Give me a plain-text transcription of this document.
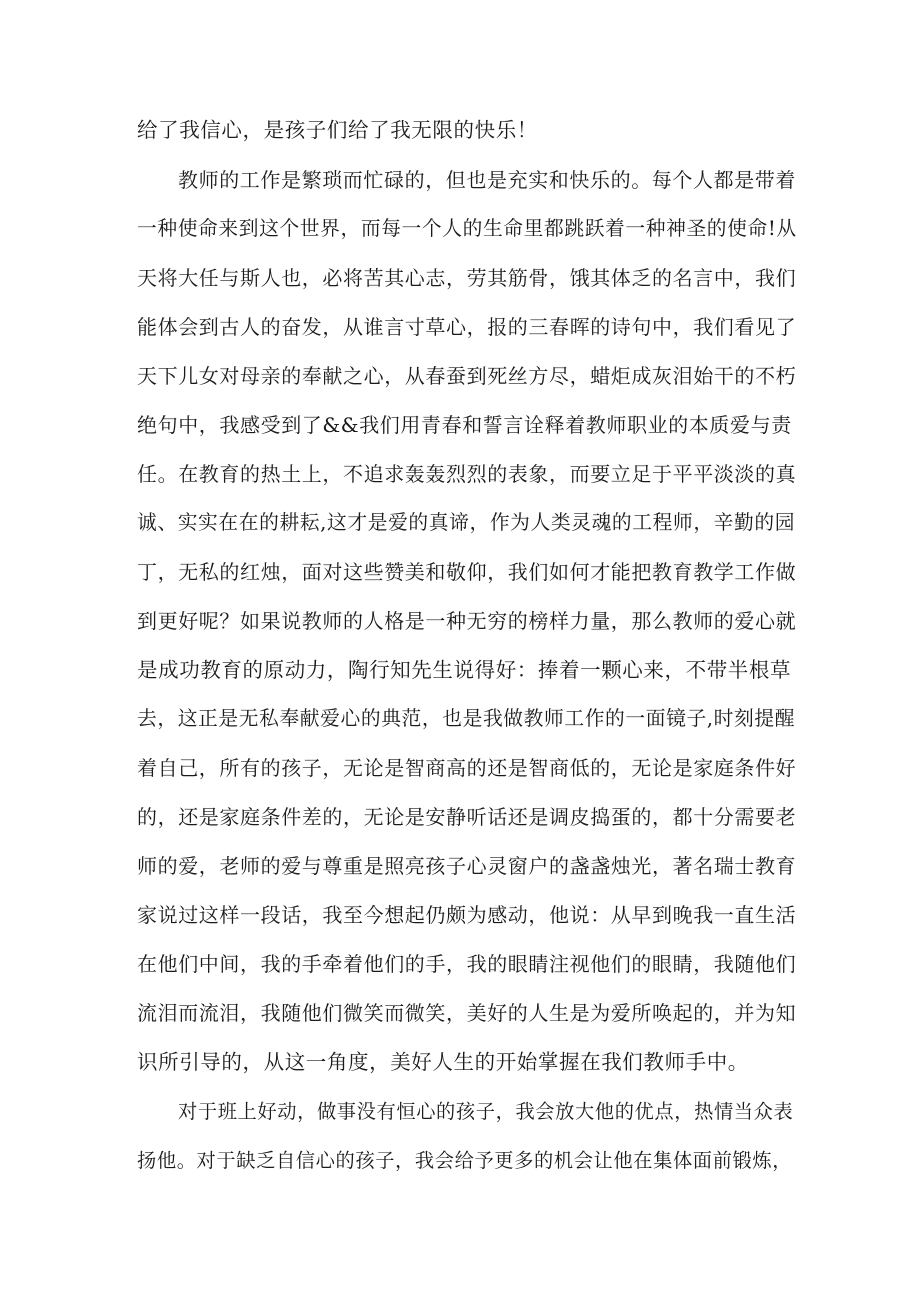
给了我信心，是孩子们给了我无限的快乐！
教师的工作是繁琐而忙碌的，但也是充实和快乐的。每个人都是带着
一种使命来到这个世界，而每一个人的生命里都跳跃着一种神圣的使命!从
天将大任与斯人也，必将苦其心志，劳其筋骨，饿其体乏的名言中，我们
能体会到古人的奋发，从谁言寸草心，报的三春晖的诗句中，我们看见了
天下儿女对母亲的奉献之心，从春蚕到死丝方尽，蜡炬成灰泪始干的不朽
绝句中，我感受到了&&我们用青春和誓言诠释着教师职业的本质爱与责
任。在教育的热土上，不追求轰轰烈烈的表象，而要立足于平平淡淡的真
诚、实实在在的耕耘,这才是爱的真谛，作为人类灵魂的工程师，辛勤的园
丁，无私的红烛，面对这些赞美和敬仰，我们如何才能把教育教学工作做
到更好呢？如果说教师的人格是一种无穷的榜样力量，那么教师的爱心就
是成功教育的原动力，陶行知先生说得好：捧着一颗心来，不带半根草
去，这正是无私奉献爱心的典范，也是我做教师工作的一面镜子,时刻提醒
着自己，所有的孩子，无论是智商高的还是智商低的，无论是家庭条件好
的，还是家庭条件差的，无论是安静听话还是调皮捣蛋的，都十分需要老
师的爱，老师的爱与尊重是照亮孩子心灵窗户的盏盏烛光，著名瑞士教育
家说过这样一段话，我至今想起仍颇为感动，他说：从早到晚我一直生活
在他们中间，我的手牵着他们的手，我的眼睛注视他们的眼睛，我随他们
流泪而流泪，我随他们微笑而微笑，美好的人生是为爱所唤起的，并为知
识所引导的，从这一角度，美好人生的开始掌握在我们教师手中。
对于班上好动，做事没有恒心的孩子，我会放大他的优点，热情当众表
扬他。对于缺乏自信心的孩子，我会给予更多的机会让他在集体面前锻炼，
